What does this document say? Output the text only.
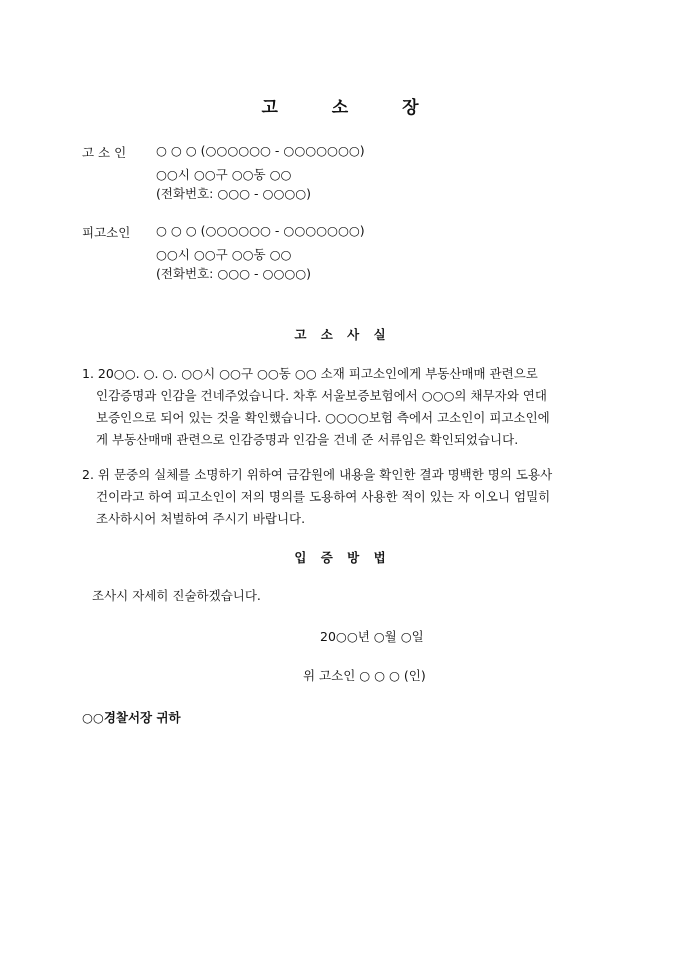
고 소 장
고 소 인 ○ ○ ○ (○○○○○○ - ○○○○○○○)
○○시 ○○구 ○○동 ○○
(전화번호: ○○○ - ○○○○)
피고소인 ○ ○ ○ (○○○○○○ - ○○○○○○○)
○○시 ○○구 ○○동 ○○
(전화번호: ○○○ - ○○○○)
고 소 사 실
1. 20○○. ○. ○. ○○시 ○○구 ○○동 ○○ 소재 피고소인에게 부동산매매 관련으로
인감증명과 인감을 건네주었습니다. 차후 서울보증보험에서 ○○○의 채무자와 연대
보증인으로 되어 있는 것을 확인했습니다. ○○○○보험 측에서 고소인이 피고소인에
게 부동산매매 관련으로 인감증명과 인감을 건네 준 서류임은 확인되었습니다.
2. 위 문중의 실체를 소명하기 위하여 금감원에 내용을 확인한 결과 명백한 명의 도용사
건이라고 하여 피고소인이 저의 명의를 도용하여 사용한 적이 있는 자 이오니 엄밀히
조사하시어 처벌하여 주시기 바랍니다.
입 증 방 법
조사시 자세히 진술하겠습니다.
20○○년 ○월 ○일
위 고소인 ○ ○ ○ (인)
○○경찰서장 귀하
